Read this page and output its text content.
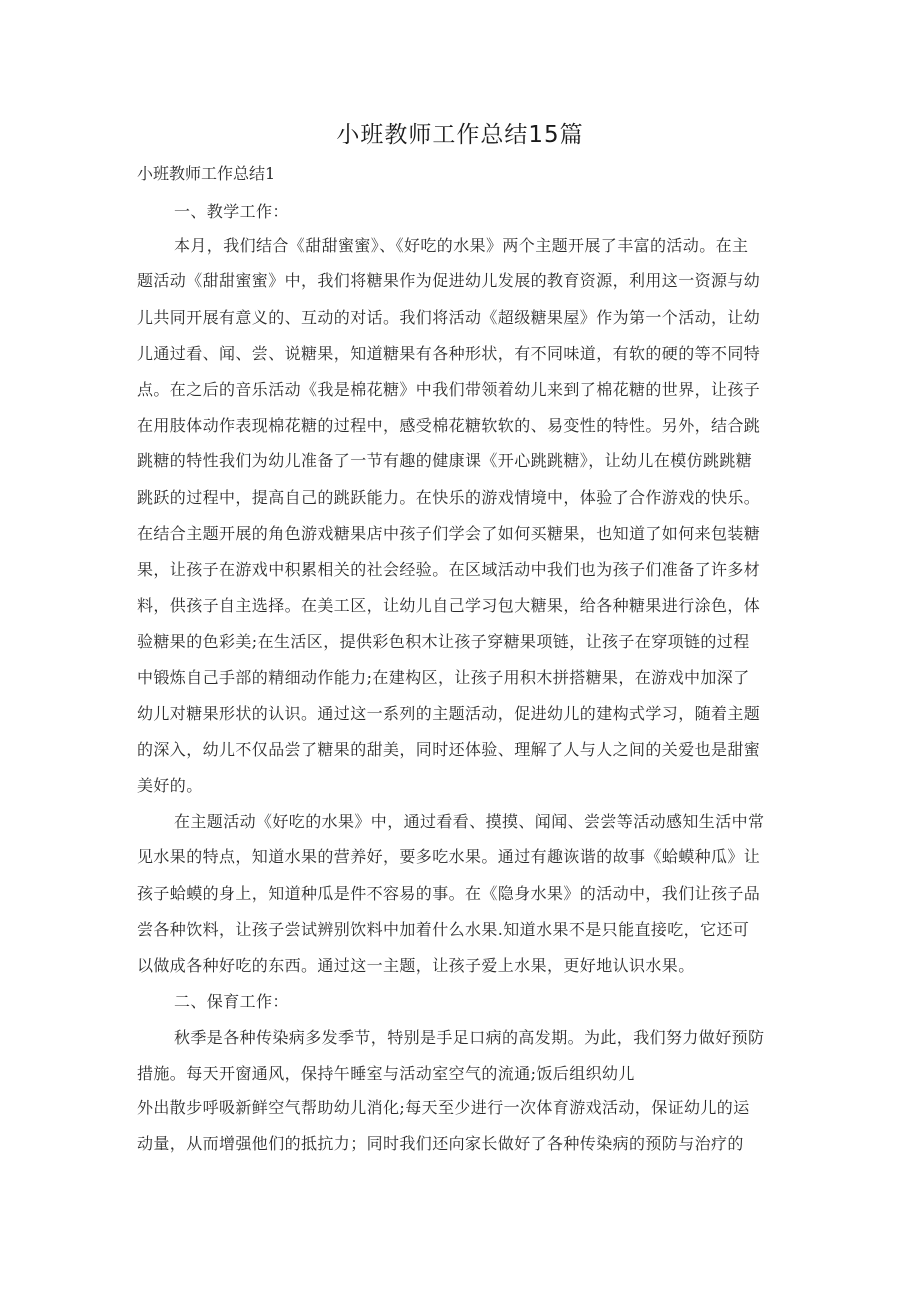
小班教师工作总结15篇
小班教师工作总结1
一、教学工作：
本月，我们结合《甜甜蜜蜜》、《好吃的水果》两个主题开展了丰富的活动。在主
题活动《甜甜蜜蜜》中，我们将糖果作为促进幼儿发展的教育资源，利用这一资源与幼
儿共同开展有意义的、互动的对话。我们将活动《超级糖果屋》作为第一个活动，让幼
儿通过看、闻、尝、说糖果，知道糖果有各种形状，有不同味道，有软的硬的等不同特
点。在之后的音乐活动《我是棉花糖》中我们带领着幼儿来到了棉花糖的世界，让孩子
在用肢体动作表现棉花糖的过程中，感受棉花糖软软的、易变性的特性。另外，结合跳
跳糖的特性我们为幼儿准备了一节有趣的健康课《开心跳跳糖》，让幼儿在模仿跳跳糖
跳跃的过程中，提高自己的跳跃能力。在快乐的游戏情境中，体验了合作游戏的快乐。
在结合主题开展的角色游戏糖果店中孩子们学会了如何买糖果，也知道了如何来包装糖
果，让孩子在游戏中积累相关的社会经验。在区域活动中我们也为孩子们准备了许多材
料，供孩子自主选择。在美工区，让幼儿自己学习包大糖果，给各种糖果进行涂色，体
验糖果的色彩美;在生活区，提供彩色积木让孩子穿糖果项链，让孩子在穿项链的过程
中锻炼自己手部的精细动作能力;在建构区，让孩子用积木拼搭糖果，在游戏中加深了
幼儿对糖果形状的认识。通过这一系列的主题活动，促进幼儿的建构式学习，随着主题
的深入，幼儿不仅品尝了糖果的甜美，同时还体验、理解了人与人之间的关爱也是甜蜜
美好的。
在主题活动《好吃的水果》中，通过看看、摸摸、闻闻、尝尝等活动感知生活中常
见水果的特点，知道水果的营养好，要多吃水果。通过有趣诙谐的故事《蛤蟆种瓜》让
孩子蛤蟆的身上，知道种瓜是件不容易的事。在《隐身水果》的活动中，我们让孩子品
尝各种饮料，让孩子尝试辨别饮料中加着什么水果.知道水果不是只能直接吃，它还可
以做成各种好吃的东西。通过这一主题，让孩子爱上水果，更好地认识水果。
二、保育工作：
秋季是各种传染病多发季节，特别是手足口病的高发期。为此，我们努力做好预防
措施。每天开窗通风，保持午睡室与活动室空气的流通;饭后组织幼儿
外出散步呼吸新鲜空气帮助幼儿消化;每天至少进行一次体育游戏活动，保证幼儿的运
动量，从而增强他们的抵抗力；同时我们还向家长做好了各种传染病的预防与治疗的
